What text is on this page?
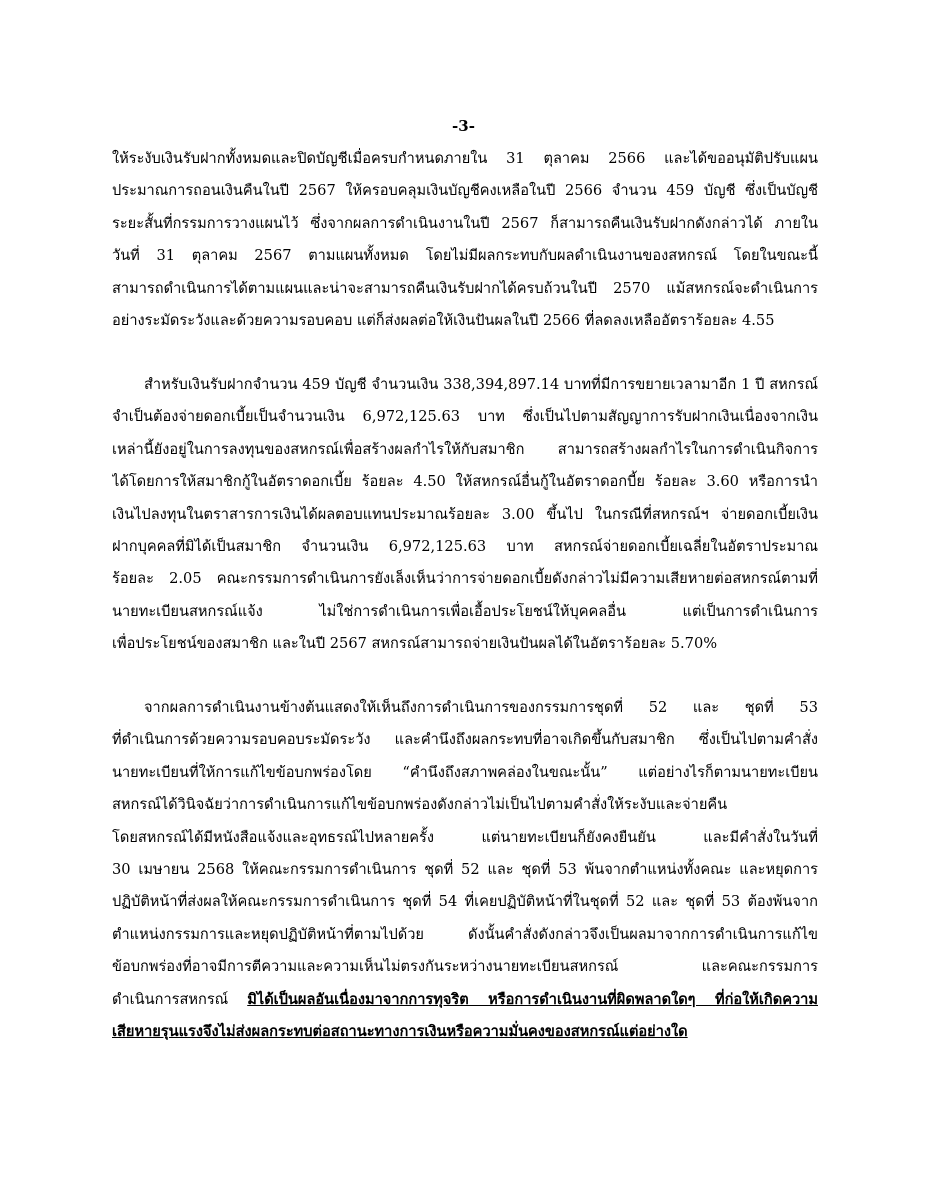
-3-

ให้ระงับเงินรับฝากทั้งหมดและปิดบัญชีเมื่อครบกำหนดภายใน 31 ตุลาคม 2566 และได้ขออนุมัติปรับแผน
ประมาณการถอนเงินคืนในปี 2567 ให้ครอบคลุมเงินบัญชีคงเหลือในปี 2566 จำนวน 459 บัญชี ซึ่งเป็นบัญชี
ระยะสั้นที่กรรมการวางแผนไว้ ซึ่งจากผลการดำเนินงานในปี 2567 ก็สามารถคืนเงินรับฝากดังกล่าวได้ ภายใน
วันที่ 31 ตุลาคม 2567 ตามแผนทั้งหมด โดยไม่มีผลกระทบกับผลดำเนินงานของสหกรณ์ โดยในขณะนี้
สามารถดำเนินการได้ตามแผนและน่าจะสามารถคืนเงินรับฝากได้ครบถ้วนในปี 2570 แม้สหกรณ์จะดำเนินการ
อย่างระมัดระวังและด้วยความรอบคอบ แต่ก็ส่งผลต่อให้เงินปันผลในปี 2566 ที่ลดลงเหลืออัตราร้อยละ 4.55

สำหรับเงินรับฝากจำนวน 459 บัญชี จำนวนเงิน 338,394,897.14 บาทที่มีการขยายเวลามาอีก 1 ปี สหกรณ์
จำเป็นต้องจ่ายดอกเบี้ยเป็นจำนวนเงิน 6,972,125.63 บาท ซึ่งเป็นไปตามสัญญาการรับฝากเงินเนื่องจากเงิน
เหล่านี้ยังอยู่ในการลงทุนของสหกรณ์เพื่อสร้างผลกำไรให้กับสมาชิก สามารถสร้างผลกำไรในการดำเนินกิจการ
ได้โดยการให้สมาชิกกู้ในอัตราดอกเบี้ย ร้อยละ 4.50 ให้สหกรณ์อื่นกู้ในอัตราดอกบี้ย ร้อยละ 3.60 หรือการนำ
เงินไปลงทุนในตราสารการเงินได้ผลตอบแทนประมาณร้อยละ 3.00 ขึ้นไป ในกรณีที่สหกรณ์ฯ จ่ายดอกเบี้ยเงิน
ฝากบุคคลที่มิได้เป็นสมาชิก จำนวนเงิน 6,972,125.63 บาท สหกรณ์จ่ายดอกเบี้ยเฉลี่ยในอัตราประมาณ
ร้อยละ 2.05 คณะกรรมการดำเนินการยังเล็งเห็นว่าการจ่ายดอกเบี้ยดังกล่าวไม่มีความเสียหายต่อสหกรณ์ตามที่
นายทะเบียนสหกรณ์แจ้ง ไม่ใช่การดำเนินการเพื่อเอื้อประโยชน์ให้บุคคลอื่น แต่เป็นการดำเนินการ
เพื่อประโยชน์ของสมาชิก และในปี 2567 สหกรณ์สามารถจ่ายเงินปันผลได้ในอัตราร้อยละ 5.70%

จากผลการดำเนินงานข้างต้นแสดงให้เห็นถึงการดำเนินการของกรรมการชุดที่ 52 และ ชุดที่ 53
ที่ดำเนินการด้วยความรอบคอบระมัดระวัง และคำนึงถึงผลกระทบที่อาจเกิดขึ้นกับสมาชิก ซึ่งเป็นไปตามคำสั่ง
นายทะเบียนที่ให้การแก้ไขข้อบกพร่องโดย “คำนึงถึงสภาพคล่องในขณะนั้น” แต่อย่างไรก็ตามนายทะเบียน
สหกรณ์ได้วินิจฉัยว่าการดำเนินการแก้ไขข้อบกพร่องดังกล่าวไม่เป็นไปตามคำสั่งให้ระงับและจ่ายคืน
โดยสหกรณ์ได้มีหนังสือแจ้งและอุทธรณ์ไปหลายครั้ง แต่นายทะเบียนก็ยังคงยืนยัน และมีคำสั่งในวันที่
30 เมษายน 2568 ให้คณะกรรมการดำเนินการ ชุดที่ 52 และ ชุดที่ 53 พ้นจากตำแหน่งทั้งคณะ และหยุดการ
ปฏิบัติหน้าที่ส่งผลให้คณะกรรมการดำเนินการ ชุดที่ 54 ที่เคยปฏิบัติหน้าที่ในชุดที่ 52 และ ชุดที่ 53 ต้องพ้นจาก
ตำแหน่งกรรมการและหยุดปฏิบัติหน้าที่ตามไปด้วย ดังนั้นคำสั่งดังกล่าวจึงเป็นผลมาจากการดำเนินการแก้ไข
ข้อบกพร่องที่อาจมีการตีความและความเห็นไม่ตรงกันระหว่างนายทะเบียนสหกรณ์ และคณะกรรมการ
ดำเนินการสหกรณ์ มิได้เป็นผลอันเนื่องมาจากการทุจริต หรือการดำเนินงานที่ผิดพลาดใดๆ ที่ก่อให้เกิดความ
เสียหายรุนแรงจึงไม่ส่งผลกระทบต่อสถานะทางการเงินหรือความมั่นคงของสหกรณ์แต่อย่างใด
